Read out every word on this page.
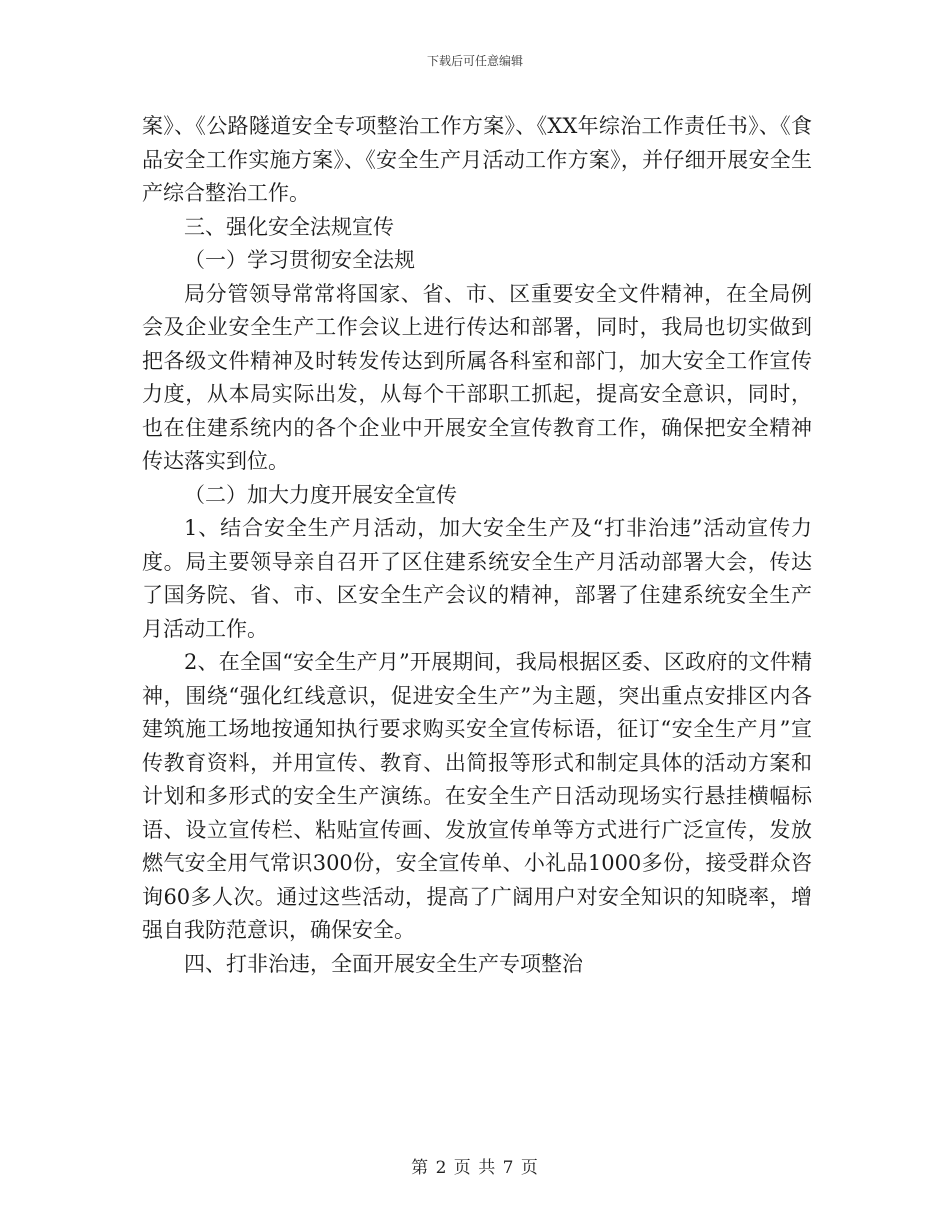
下载后可任意编辑

案》、《公路隧道安全专项整治工作方案》、《XX年综治工作责任书》、《食品安全工作实施方案》、《安全生产月活动工作方案》，并仔细开展安全生产综合整治工作。

三、强化安全法规宣传

（一）学习贯彻安全法规

局分管领导常常将国家、省、市、区重要安全文件精神，在全局例会及企业安全生产工作会议上进行传达和部署，同时，我局也切实做到把各级文件精神及时转发传达到所属各科室和部门，加大安全工作宣传力度，从本局实际出发，从每个干部职工抓起，提高安全意识，同时，也在住建系统内的各个企业中开展安全宣传教育工作，确保把安全精神传达落实到位。

（二）加大力度开展安全宣传

1、结合安全生产月活动，加大安全生产及“打非治违”活动宣传力度。局主要领导亲自召开了区住建系统安全生产月活动部署大会，传达了国务院、省、市、区安全生产会议的精神，部署了住建系统安全生产月活动工作。

2、在全国“安全生产月”开展期间，我局根据区委、区政府的文件精神，围绕“强化红线意识，促进安全生产”为主题，突出重点安排区内各建筑施工场地按通知执行要求购买安全宣传标语，征订“安全生产月”宣传教育资料，并用宣传、教育、出简报等形式和制定具体的活动方案和计划和多形式的安全生产演练。在安全生产日活动现场实行悬挂横幅标语、设立宣传栏、粘贴宣传画、发放宣传单等方式进行广泛宣传，发放燃气安全用气常识300份，安全宣传单、小礼品1000多份，接受群众咨询60多人次。通过这些活动，提高了广阔用户对安全知识的知晓率，增强自我防范意识，确保安全。

四、打非治违，全面开展安全生产专项整治

第 2 页 共 7 页
